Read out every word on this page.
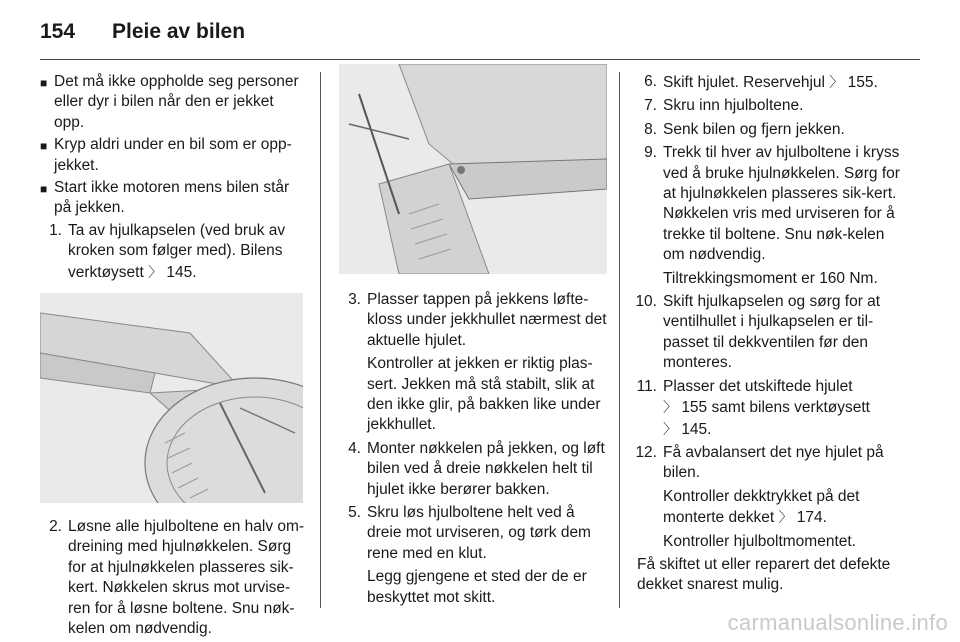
154	Pleie av bilen
■ Det må ikke oppholde seg personer eller dyr i bilen når den er jekket opp.
■ Kryp aldri under en bil som er opp-jekket.
■ Start ikke motoren mens bilen står på jekken.
1. Ta av hjulkapselen (ved bruk av kroken som følger med). Bilens verktøysett 〉 145.
2. Løsne alle hjulboltene en halv om-dreining med hjulnøkkelen. Sørg for at hjulnøkkelen plasseres sik-kert. Nøkkelen skrus mot urvise-ren for å løsne boltene. Snu nøk-kelen om nødvendig.
3. Plasser tappen på jekkens løfte-kloss under jekkhullet nærmest det aktuelle hjulet.
Kontroller at jekken er riktig plas-sert. Jekken må stå stabilt, slik at den ikke glir, på bakken like under jekkhullet.
4. Monter nøkkelen på jekken, og løft bilen ved å dreie nøkkelen helt til hjulet ikke berører bakken.
5. Skru løs hjulboltene helt ved å dreie mot urviseren, og tørk dem rene med en klut.
Legg gjengene et sted der de er beskyttet mot skitt.
6. Skift hjulet. Reservehjul 〉 155.
7. Skru inn hjulboltene.
8. Senk bilen og fjern jekken.
9. Trekk til hver av hjulboltene i kryss ved å bruke hjulnøkkelen. Sørg for at hjulnøkkelen plasseres sik-kert. Nøkkelen vris med urviseren for å trekke til boltene. Snu nøk-kelen om nødvendig.
Tiltrekkingsmoment er 160 Nm.
10. Skift hjulkapselen og sørg for at ventilhullet i hjulkapselen er til-passet til dekkventilen før den monteres.
11. Plasser det utskiftede hjulet
〉 155 samt bilens verktøysett
〉 145.
12. Få avbalansert det nye hjulet på bilen.
Kontroller dekktrykket på det monterte dekket 〉 174.
Kontroller hjulboltmomentet.
Få skiftet ut eller reparert det defekte dekket snarest mulig.
carmanualsonline.info
